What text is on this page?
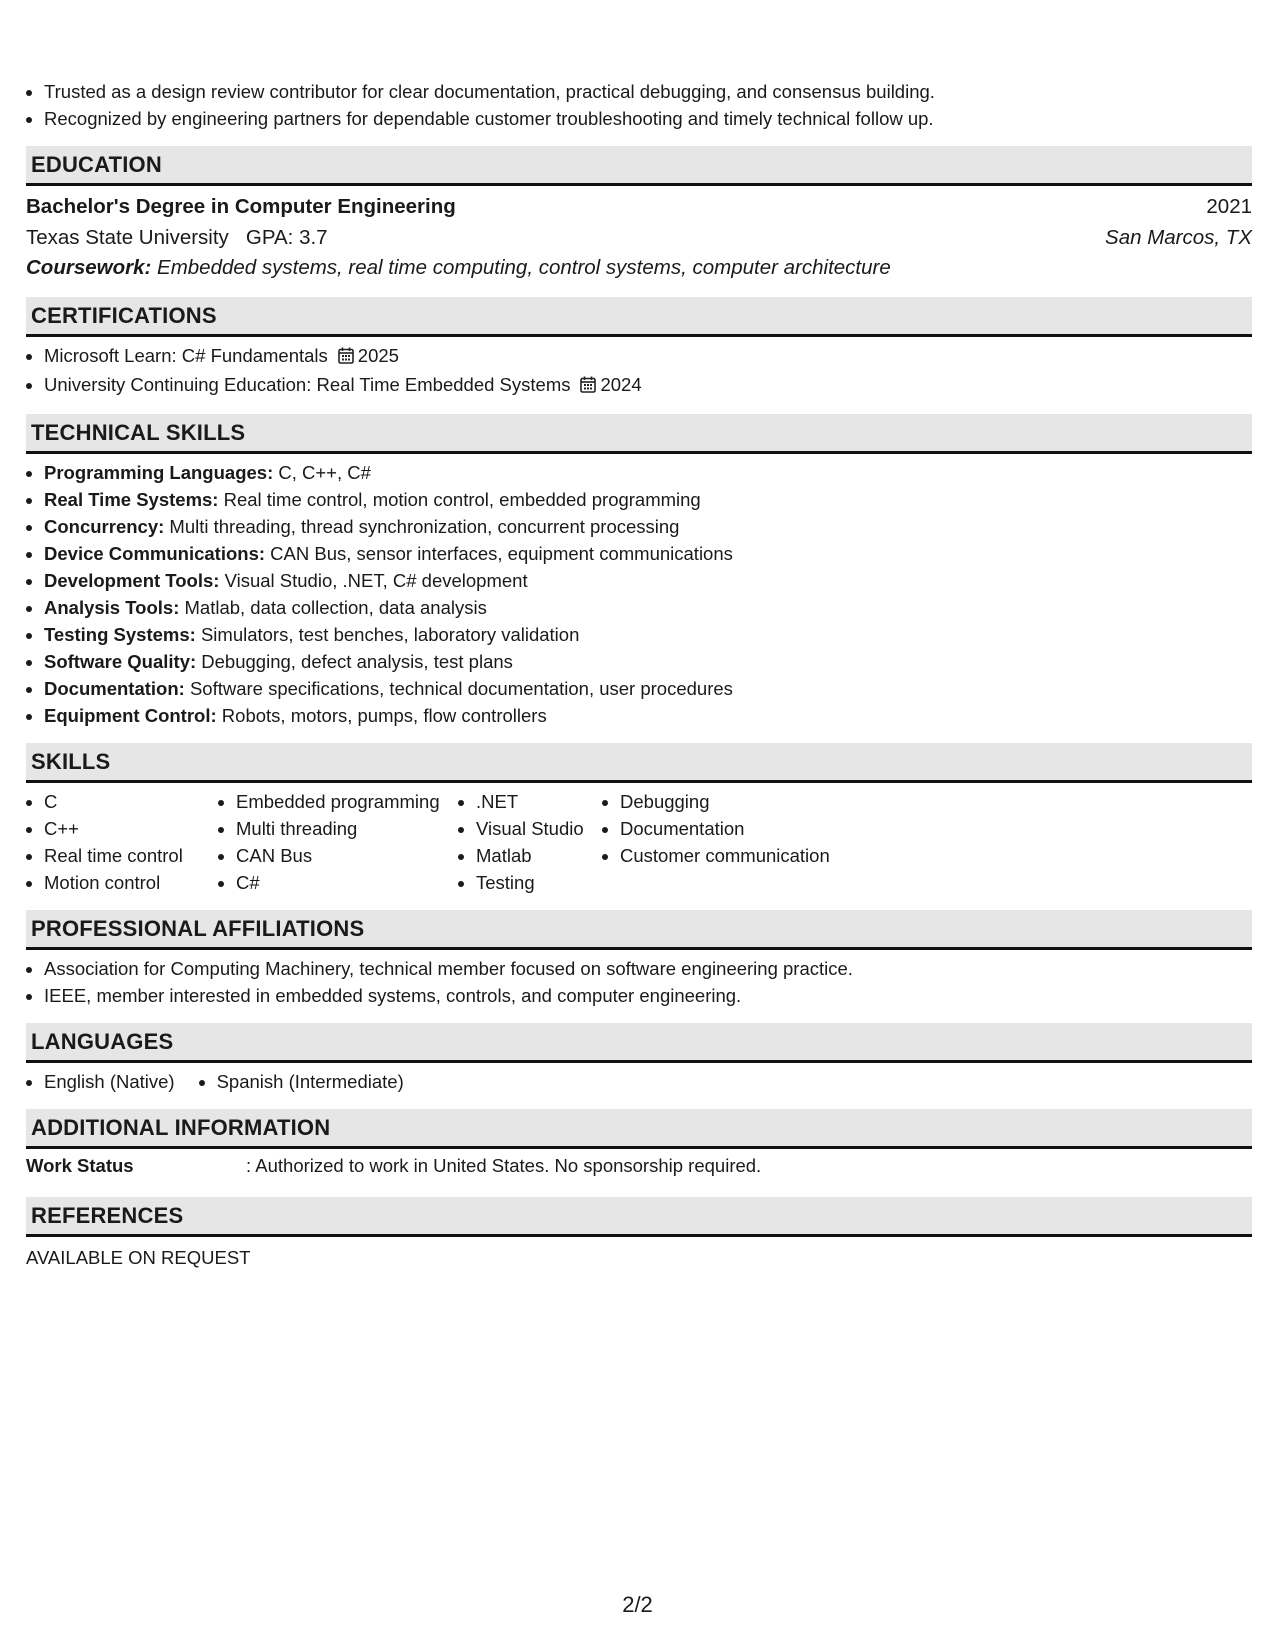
• Trusted as a design review contributor for clear documentation, practical debugging, and consensus building.
• Recognized by engineering partners for dependable customer troubleshooting and timely technical follow up.
EDUCATION
Bachelor's Degree in Computer Engineering	2021
Texas State University GPA: 3.7	San Marcos, TX
Coursework: Embedded systems, real time computing, control systems, computer architecture
CERTIFICATIONS
• Microsoft Learn: C# Fundamentals 2025
• University Continuing Education: Real Time Embedded Systems 2024
TECHNICAL SKILLS
• Programming Languages: C, C++, C#
• Real Time Systems: Real time control, motion control, embedded programming
• Concurrency: Multi threading, thread synchronization, concurrent processing
• Device Communications: CAN Bus, sensor interfaces, equipment communications
• Development Tools: Visual Studio, .NET, C# development
• Analysis Tools: Matlab, data collection, data analysis
• Testing Systems: Simulators, test benches, laboratory validation
• Software Quality: Debugging, defect analysis, test plans
• Documentation: Software specifications, technical documentation, user procedures
• Equipment Control: Robots, motors, pumps, flow controllers
SKILLS
• C
• C++
• Real time control
• Motion control
• Embedded programming
• Multi threading
• CAN Bus
• C#
• .NET
• Visual Studio
• Matlab
• Testing
• Debugging
• Documentation
• Customer communication
PROFESSIONAL AFFILIATIONS
• Association for Computing Machinery, technical member focused on software engineering practice.
• IEEE, member interested in embedded systems, controls, and computer engineering.
LANGUAGES
• English (Native)
• Spanish (Intermediate)
ADDITIONAL INFORMATION
Work Status	: Authorized to work in United States. No sponsorship required.
REFERENCES
AVAILABLE ON REQUEST
2/2
